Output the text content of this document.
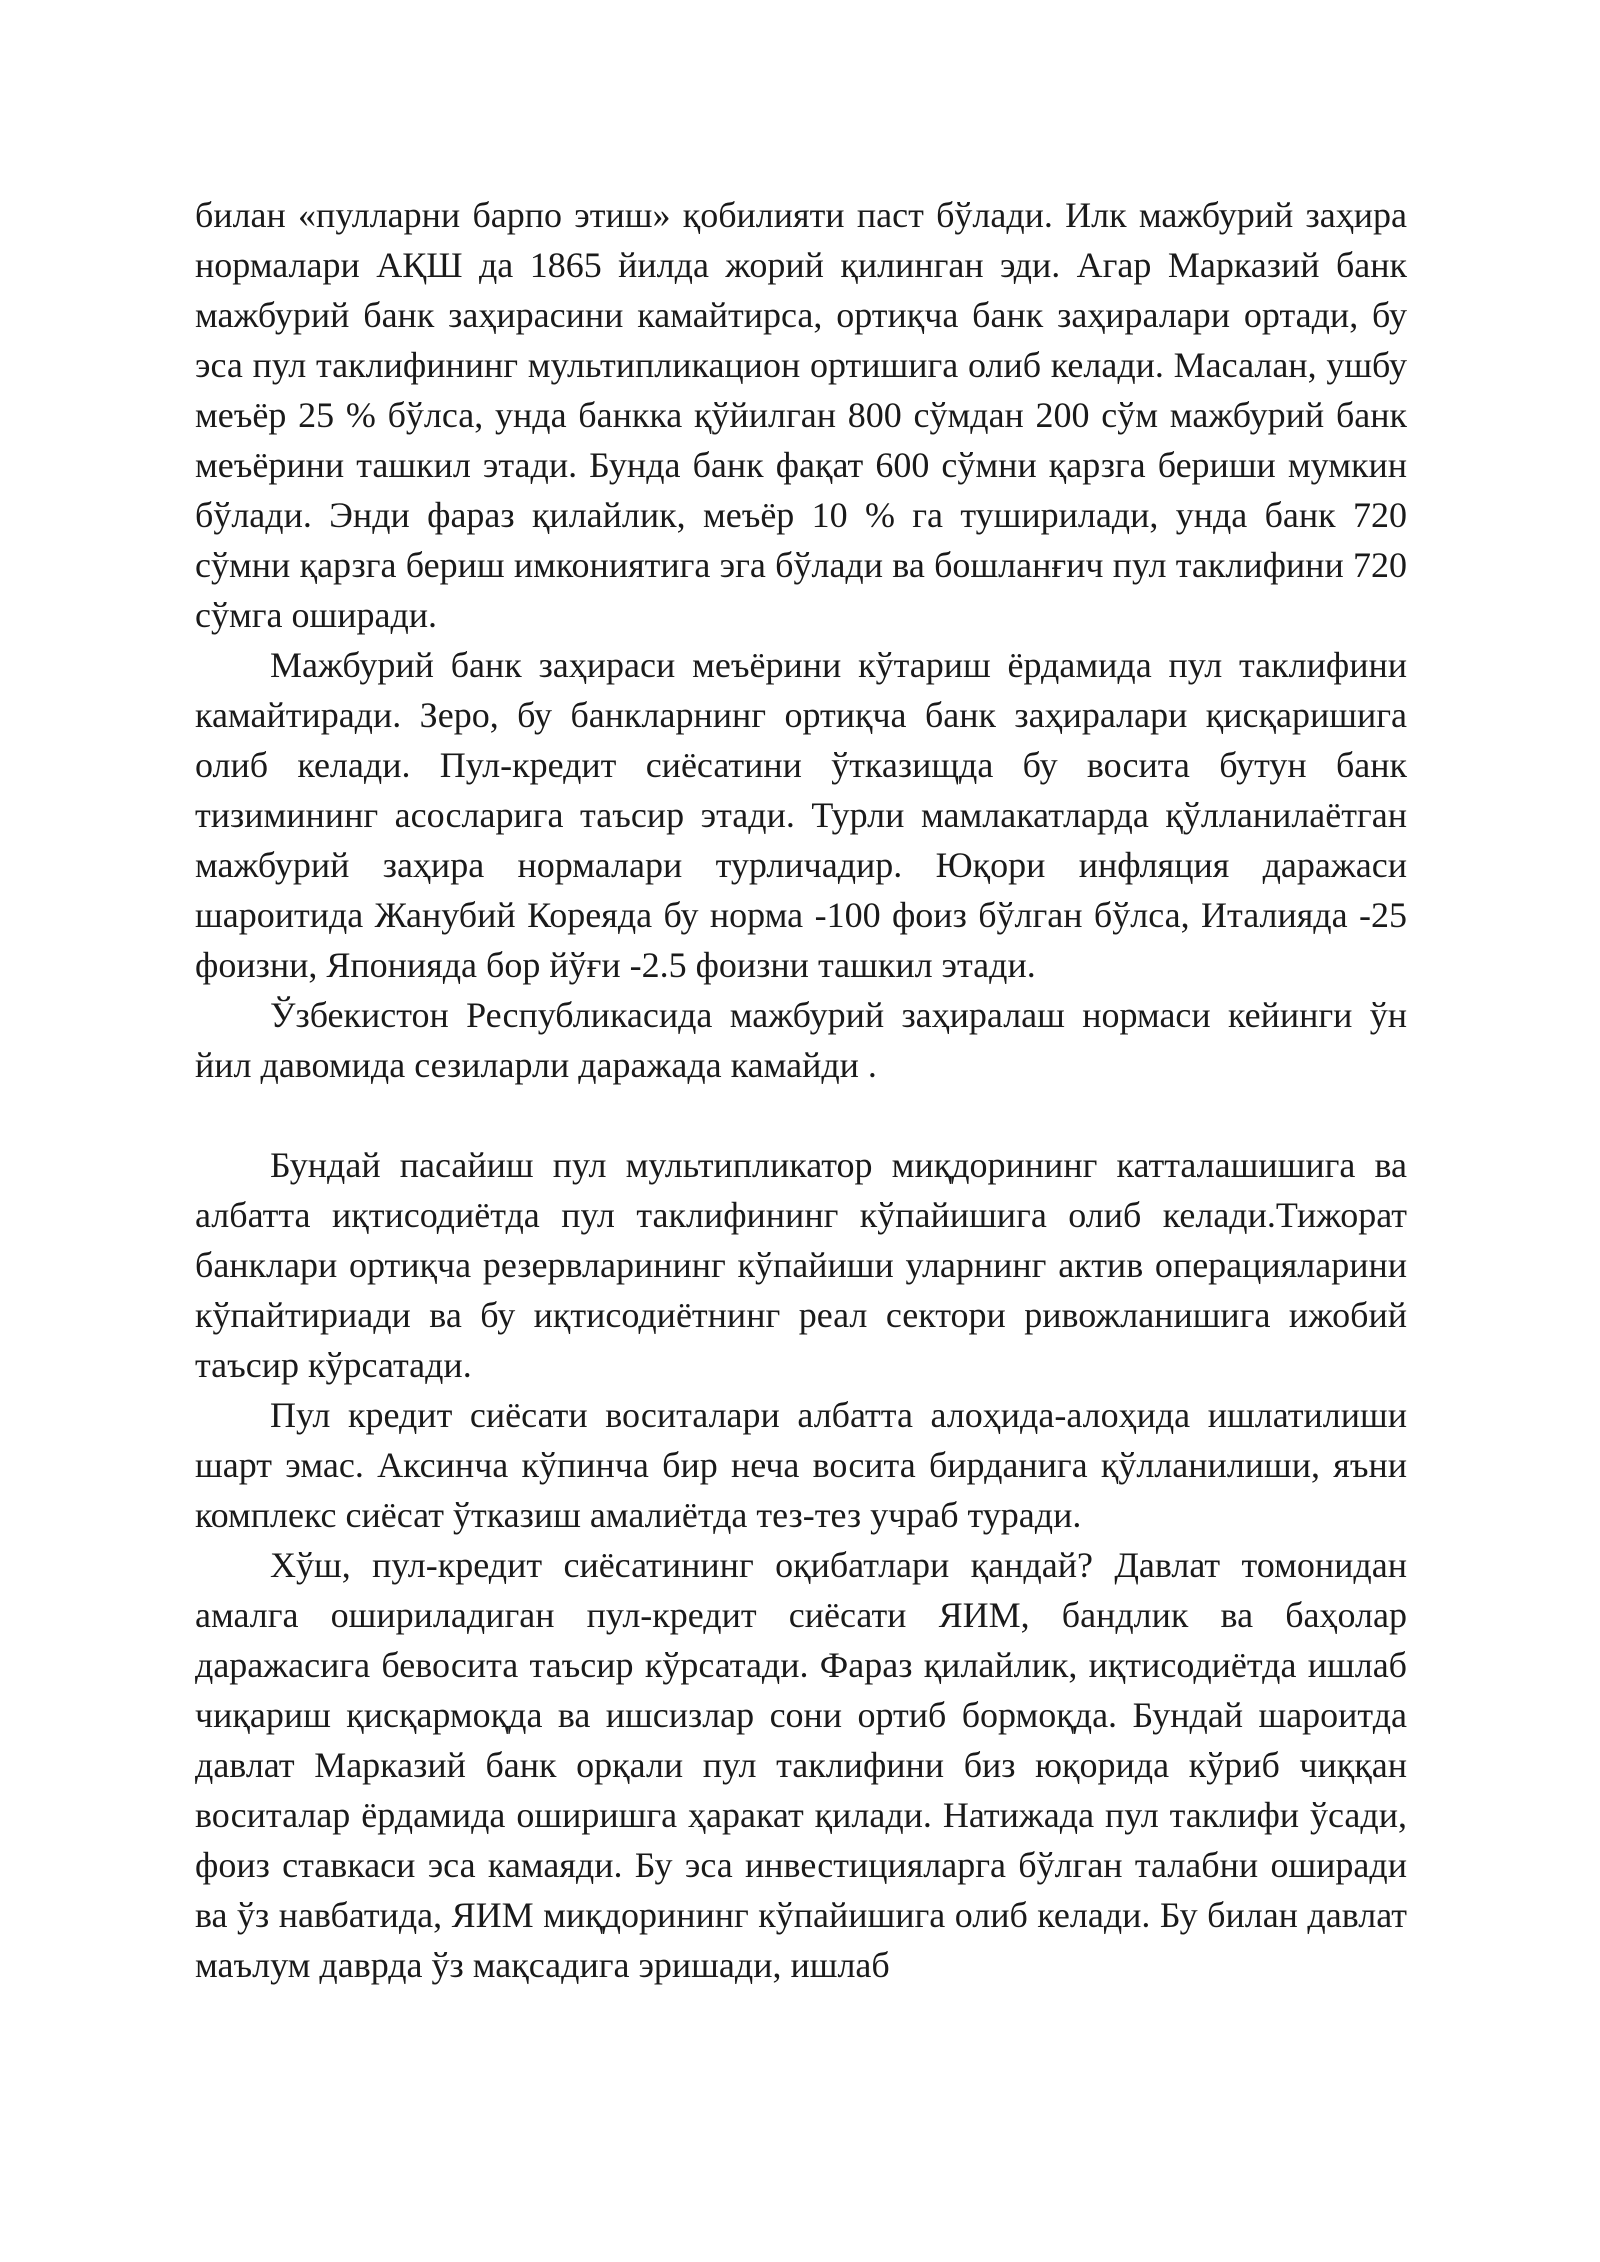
билан «пулларни барпо этиш» қобилияти паст бўлади. Илк мажбурий заҳира нормалари АҚШ да 1865 йилда жорий қилинган эди. Агар Марказий банк мажбурий банк заҳирасини камайтирса, ортиқча банк заҳиралари ортади, бу эса пул таклифининг мультипликацион ортишига олиб келади. Масалан, ушбу меъёр 25 % бўлса, унда банкка қўйилган 800 сўмдан 200 сўм мажбурий банк меъёрини ташкил этади. Бунда банк фақат 600 сўмни қарзга бериши мумкин бўлади. Энди фараз қилайлик, меъёр 10 % га туширилади, унда банк 720 сўмни қарзга бериш имкониятига эга бўлади ва бошланғич пул таклифини 720 сўмга оширади.

Мажбурий банк заҳираси меъёрини кўтариш ёрдамида пул таклифини камайтиради. Зеро, бу банкларнинг ортиқча банк заҳиралари қисқаришига олиб келади. Пул-кредит сиёсатини ўтказищда бу восита бутун банк тизимининг асосларига таъсир этади. Турли мамлакатларда қўлланилаётган мажбурий заҳира нормалари турличадир. Юқори инфляция даражаси шароитида Жанубий Кореяда бу норма -100 фоиз бўлган бўлса, Италияда -25 фоизни, Японияда бор йўғи -2.5 фоизни ташкил этади.

Ўзбекистон Республикасида мажбурий заҳиралаш нормаси кейинги ўн йил давомида сезиларли даражада камайди .

Бундай пасайиш пул мультипликатор миқдорининг катталашишига ва албатта иқтисодиётда пул таклифининг кўпайишига олиб келади.Тижорат банклари ортиқча резервларининг кўпайиши уларнинг актив операцияларини кўпайтириади ва бу иқтисодиётнинг реал сектори ривожланишига ижобий таъсир кўрсатади.

Пул кредит сиёсати воситалари албатта алоҳида-алоҳида ишлатилиши шарт эмас. Аксинча кўпинча бир неча восита бирданига қўлланилиши, яъни комплекс сиёсат ўтказиш амалиётда тез-тез учраб туради.

Хўш, пул-кредит сиёсатининг оқибатлари қандай? Давлат томонидан амалга ошириладиган пул-кредит сиёсати ЯИМ, бандлик ва баҳолар даражасига бевосита таъсир кўрсатади. Фараз қилайлик, иқтисодиётда ишлаб чиқариш қисқармоқда ва ишсизлар сони ортиб бормоқда. Бундай шароитда давлат Марказий банк орқали пул таклифини биз юқорида кўриб чиққан воситалар ёрдамида оширишга ҳаракат қилади. Натижада пул таклифи ўсади, фоиз ставкаси эса камаяди. Бу эса инвестицияларга бўлган талабни оширади ва ўз навбатида, ЯИМ миқдорининг кўпайишига олиб келади. Бу билан давлат маълум даврда ўз мақсадига эришади, ишлаб
